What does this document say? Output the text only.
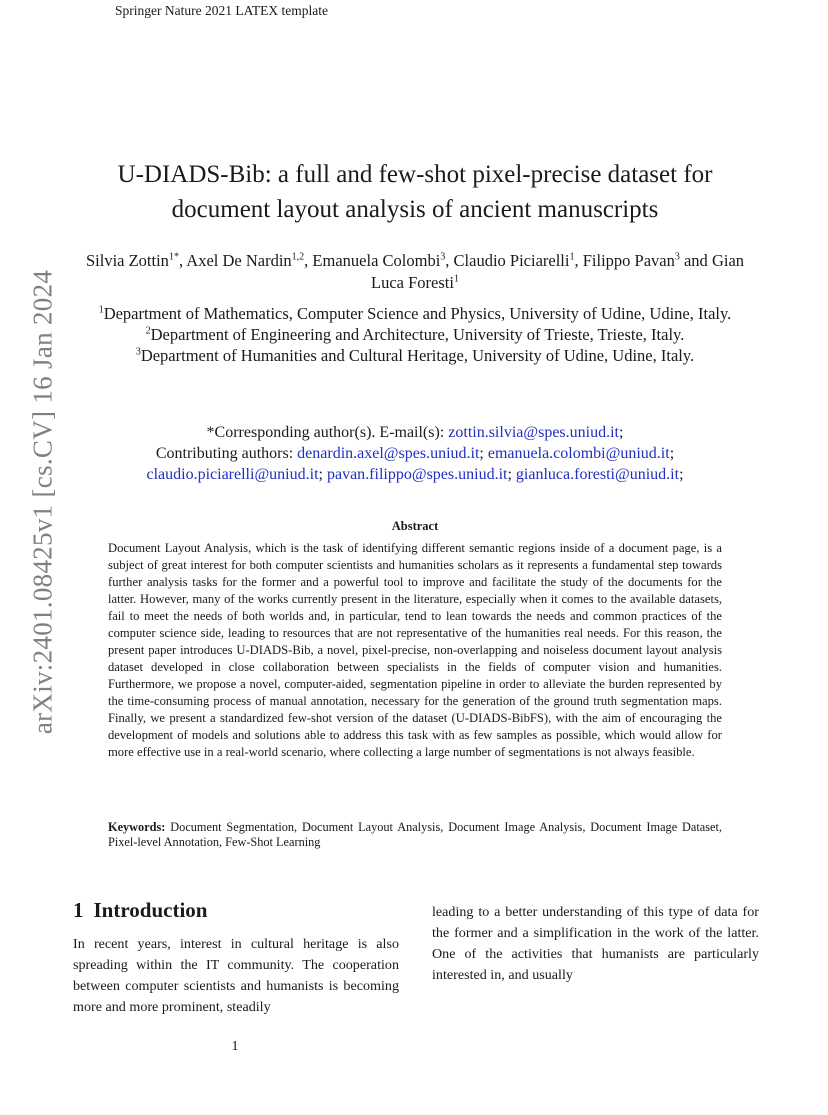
Springer Nature 2021 LATEX template
arXiv:2401.08425v1 [cs.CV] 16 Jan 2024
U-DIADS-Bib: a full and few-shot pixel-precise dataset for
document layout analysis of ancient manuscripts
Silvia Zottin$^{1*}$, Axel De Nardin$^{1,2}$, Emanuela Colombi$^3$, Claudio Piciarelli$^1$, Filippo Pavan$^3$ and Gian Luca Foresti$^1$
$^1$Department of Mathematics, Computer Science and Physics, University of Udine, Udine, Italy.
$^2$Department of Engineering and Architecture, University of Trieste, Trieste, Italy.
$^3$Department of Humanities and Cultural Heritage, University of Udine, Udine, Italy.
*Corresponding author(s). E-mail(s): zottin.silvia@spes.uniud.it;
Contributing authors: denardin.axel@spes.uniud.it; emanuela.colombi@uniud.it;
claudio.piciarelli@uniud.it; pavan.filippo@spes.uniud.it; gianluca.foresti@uniud.it;
Abstract
Document Layout Analysis, which is the task of identifying different semantic regions inside of a document page, is a subject of great interest for both computer scientists and humanities scholars as it represents a fundamental step towards further analysis tasks for the former and a powerful tool to improve and facilitate the study of the documents for the latter. However, many of the works currently present in the literature, especially when it comes to the available datasets, fail to meet the needs of both worlds and, in particular, tend to lean towards the needs and common practices of the computer science side, leading to resources that are not representative of the humanities real needs. For this reason, the present paper introduces U-DIADS-Bib, a novel, pixel-precise, non-overlapping and noiseless document layout analysis dataset developed in close collaboration between specialists in the fields of computer vision and humanities. Furthermore, we propose a novel, computer-aided, segmentation pipeline in order to alleviate the burden represented by the time-consuming process of manual annotation, necessary for the generation of the ground truth segmentation maps. Finally, we present a standardized few-shot version of the dataset (U-DIADS-BibFS), with the aim of encouraging the development of models and solutions able to address this task with as few samples as possible, which would allow for more effective use in a real-world scenario, where collecting a large number of segmentations is not always feasible.
Keywords: Document Segmentation, Document Layout Analysis, Document Image Analysis, Document Image Dataset, Pixel-level Annotation, Few-Shot Learning
1 Introduction
In recent years, interest in cultural heritage is also spreading within the IT community. The cooperation between computer scientists and humanists is becoming more and more prominent, steadily
leading to a better understanding of this type of data for the former and a simplification in the work of the latter. One of the activities that humanists are particularly interested in, and usually
1
